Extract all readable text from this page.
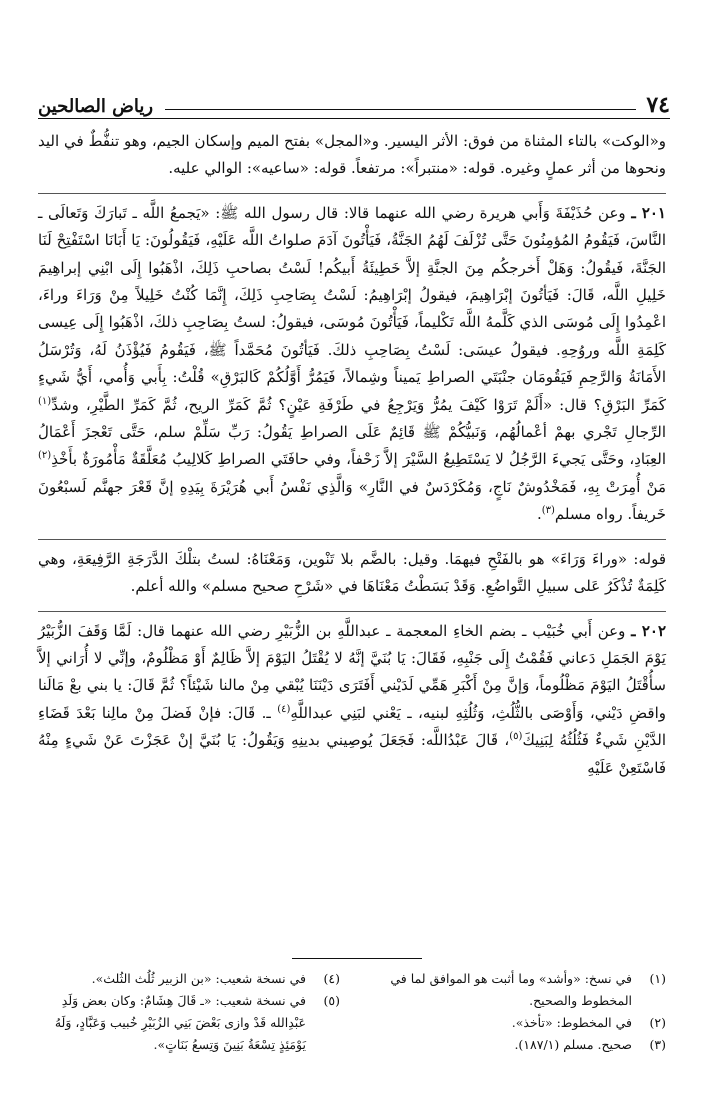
٧٤
رياض الصالحين

و«الوكت» بالتاء المثناة من فوق: الأثر اليسير. و«المجل» بفتح الميم وإسكان الجيم، وهو تنفُّطٌ في اليد ونحوها من أثر عملٍ وغيره. قوله: «منتبراً»: مرتفعاً. قوله: «ساعيه»: الوالي عليه.

٢٠١ ـ وعن حُذَيْفَةَ وَأَبي هريرة رضي الله عنهما قالا: قال رسول الله ﷺ: «يَجمعُ اللَّه ـ تَبارَكَ وَتَعالَى ـ النَّاسَ، فَيَقُومُ المُؤمِنُونَ حَتَّى تُزْلَفَ لَهُمُ الجَنَّةُ، فَيَأْتُونَ آدَمَ صلواتُ اللَّه عَلَيْهِ، فَيَقُولُونَ: يَا أَبَانَا اسْتَفْتِحْ لَنَا الجَنَّةَ، فَيقُولُ: وَهَلْ أَخرجكُم مِنَ الجنَّةِ إلاَّ خَطِيئَةُ أَبيكُم! لَسْتُ بصاحبِ ذَلِكَ، اذْهَبُوا إِلَى ابْنِي إبراهِيمَ خَلِيلِ اللَّه، قَالَ: فَيَأتُونَ إبْرَاهِيمَ، فيقولُ إبْرَاهِيمُ: لَسْتُ بِصَاحِبِ ذَلِكَ، إِنَّمَا كُنْتُ خَلِيلاً مِنْ وَرَاءَ وراءَ، اعْمِدُوا إِلَى مُوسَى الذي كَلَّمهُ اللَّه تَكْليماً، فَيَأْتُونَ مُوسَى، فيقولُ: لستُ بِصَاحِبِ ذلكَ، اذْهَبُوا إِلَى عِيسى كَلِمَةِ اللَّه وروُحِهِ. فيقولُ عيسَى: لَسْتُ بِصَاحِبِ ذلكَ. فَيَأتُونَ مُحَمَّداً ﷺ، فَيَقُومُ فَيُؤْذَنُ لَهُ، وَتُرْسَلُ الأَمَانَةُ وَالرَّحِمِ فَيَقُومَان جنْبَتَي الصراطِ يَميناً وشِمالاً، فَيَمُرُّ أَوَّلُكُمْ كَالبَرْقِ» قُلْتُ: بِأَبي وَأُمي، أَيُّ شَيءٍ كَمَرِّ البَرْقِ؟ قال: «أَلَمْ تَرَوْا كَيْفَ يمُرُّ وَيَرْجِعُ في طَرْفَةِ عَيْنٍ؟ ثُمَّ كَمَرِّ الريح، ثُمَّ كَمَرِّ الطَّيْرِ، وشدِّ$^{(١)}$ الرِّجالِ تَجْري بهمْ أعْمالُهُم، وَنَبيُّكُمْ ﷺ قَائِمٌ عَلَى الصراطِ يَقُولُ: رَبِّ سَلِّمْ سلم، حَتَّى تَعْجزَ أَعْمَالُ العِبَادِ، وحَتَّى يَجيءَ الرَّجُلُ لا يَسْتَطِيعُ السَّيْرَ إلاَّ زَحْفاً، وفي حافَتَي الصراطِ كَلالِيبُ مُعَلَّقَةٌ مَأْمُورَةٌ بأَخْذِ$^{(٢)}$ مَنْ أُمِرَتْ بِهِ، فَمَخْدُوشٌ نَاجٍ، وَمُكَرْدَسٌ في النَّارِ» وَالَّذِي نَفْسُ أَبي هُرَيْرَةَ بِيَدِهِ إنَّ قَعْرَ جهنَّم لَسبْعُونَ خَريفاً. رواه مسلم$^{(٣)}$.

قوله: «وراءَ وَرَاءَ» هو بالفَتْحِ فيهمَا. وقيل: بالضَّم بلا تَنْوين، وَمَعْنَاهُ: لستُ بتلْكَ الدَّرَجَةِ الرَّفِيعَةِ، وهي كَلِمَةٌ تُذْكَرُ عَلى سبيلِ التَّواضُعِ. وَقَدْ بَسَطْتُ مَعْنَاهَا في «شَرْحِ صحيح مسلم» والله أعلم.

٢٠٢ ـ وعن أَبي خُبَيْب ـ بضم الخاءِ المعجمة ـ عبداللَّهِ بن الزُّبَيْرِ رضي الله عنهما قال: لَمَّا وَقَفَ الزُّبَيْرُ يَوْمَ الجَمَلِ دَعاني فَقُمْتُ إِلَى جَنْبِهِ، فَقَالَ: يَا بُنَيَّ إنَّهُ لا يُقْتَلُ اليَوْمَ إلاَّ ظَالِمٌ أَوْ مَظْلُومٌ، وإنِّي لا أُرَاني إلاَّ سأُقْتَلُ اليَوْمَ مَظْلُوماً، وَإنَّ مِنْ أَكْبَرِ هَمِّي لَدَيْني أَفَتَرَى دَيْنَنَا يُبْقي مِنْ مالنا شَيْئاً؟ ثُمَّ قَالَ: يا بني بعْ مَالَنا واقضِ دَيْني، وَأَوْصَى بالثُّلُثِ، وَثُلُثِهِ لبنيه، ـ يَعْني لبَنِي عبداللَّهِ$^{(٤)}$ ـ. قَالَ: فإنْ فَضلَ مِنْ مالِنا بَعْدَ قَضَاءِ الدَّيْنِ شَيءٌ فَثُلُثُهُ لِبَنِيكَ$^{(٥)}$، قَالَ عَبْدُاللَّه: فَجَعَلَ يُوصِيني بدينِهِ وَيَقُولُ: يَا بُنَيَّ إنْ عَجَزْتَ عَنْ شَيءٍ مِنْهُ فَاسْتَعِنْ عَلَيْهِ

(١)
في نسخ: «وأشد» وما أثبت هو الموافق لما في المخطوط والصحيح.
(٢)
في المخطوط: «تأخذ».
(٣)
صحيح. مسلم (١٨٧/١).
(٤)
في نسخة شعيب: «بن الزبير ثُلُث الثُلث».
(٥)
في نسخة شعيب: «ـ قَالَ هِشَامٌ: وكان بعض وَلَدِ عَبْدِالله قَدْ وازى بَعْضَ بَنِي الزُبَيْرِ خُبيب وَعَبَّادٍ، وَلَهُ يَوْمَئِذٍ تِسْعَةُ بَنِينَ وَتِسعُ بَنَاتٍ».
